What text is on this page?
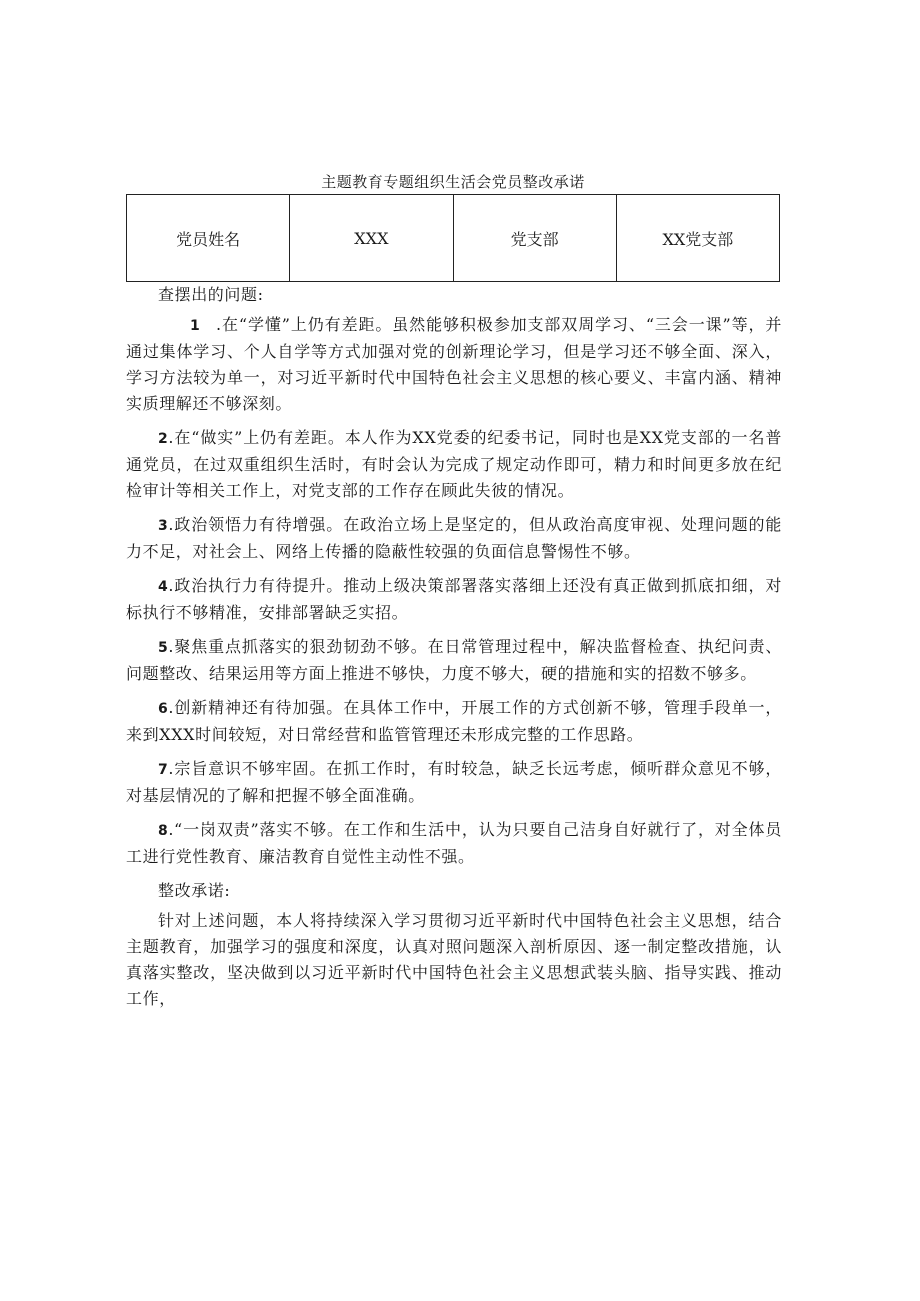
主题教育专题组织生活会党员整改承诺
党员姓名	XXX	党支部	XX党支部

查摆出的问题:

1 .在“学懂”上仍有差距。虽然能够积极参加支部双周学习、“三会一课”等，并通过集体学习、个人自学等方式加强对党的创新理论学习，但是学习还不够全面、深入，学习方法较为单一，对习近平新时代中国特色社会主义思想的核心要义、丰富内涵、精神实质理解还不够深刻。

2.在“做实”上仍有差距。本人作为XX党委的纪委书记，同时也是XX党支部的一名普通党员，在过双重组织生活时，有时会认为完成了规定动作即可，精力和时间更多放在纪检审计等相关工作上，对党支部的工作存在顾此失彼的情况。

3.政治领悟力有待增强。在政治立场上是坚定的，但从政治高度审视、处理问题的能力不足，对社会上、网络上传播的隐蔽性较强的负面信息警惕性不够。

4.政治执行力有待提升。推动上级决策部署落实落细上还没有真正做到抓底扣细，对标执行不够精准，安排部署缺乏实招。

5.聚焦重点抓落实的狠劲韧劲不够。在日常管理过程中，解决监督检查、执纪问责、问题整改、结果运用等方面上推进不够快，力度不够大，硬的措施和实的招数不够多。

6.创新精神还有待加强。在具体工作中，开展工作的方式创新不够，管理手段单一，来到XXX时间较短，对日常经营和监管管理还未形成完整的工作思路。

7.宗旨意识不够牢固。在抓工作时，有时较急，缺乏长远考虑，倾听群众意见不够，对基层情况的了解和把握不够全面准确。

8.“一岗双责”落实不够。在工作和生活中，认为只要自己洁身自好就行了，对全体员工进行党性教育、廉洁教育自觉性主动性不强。

整改承诺:

针对上述问题，本人将持续深入学习贯彻习近平新时代中国特色社会主义思想，结合主题教育，加强学习的强度和深度，认真对照问题深入剖析原因、逐一制定整改措施，认真落实整改，坚决做到以习近平新时代中国特色社会主义思想武装头脑、指导实践、推动工作，
